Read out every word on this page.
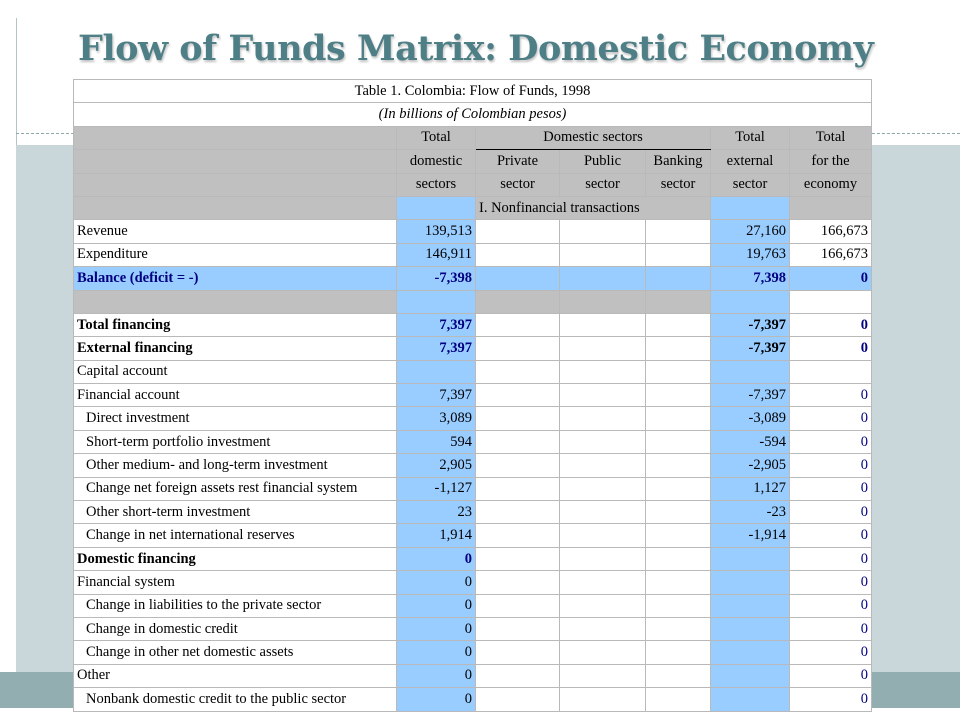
Flow of Funds Matrix: Domestic Economy
Table 1. Colombia: Flow of Funds, 1998						
(In billions of Colombian pesos)						
	Total	Domestic sectors			Total	Total
	domestic	Private	Public	Banking	external	for the
	sectors	sector	sector	sector	sector	economy
		I. Nonfinancial transactions				
Revenue	139,513				27,160	166,673
Expenditure	146,911				19,763	166,673
Balance (deficit = -)	-7,398				7,398	0

Total financing	7,397				-7,397	0
External financing	7,397				-7,397	0
Capital account						
Financial account	7,397				-7,397	0
Direct investment	3,089				-3,089	0
Short-term portfolio investment	594				-594	0
Other medium- and long-term investment	2,905				-2,905	0
Change net foreign assets rest financial system	-1,127				1,127	0
Other short-term investment	23				-23	0
Change in net international reserves	1,914				-1,914	0
Domestic financing	0					0
Financial system	0					0
Change in liabilities to the private sector	0					0
Change in domestic credit	0					0
Change in other net domestic assets	0					0
Other	0					0
Nonbank domestic credit to the public sector	0					0
